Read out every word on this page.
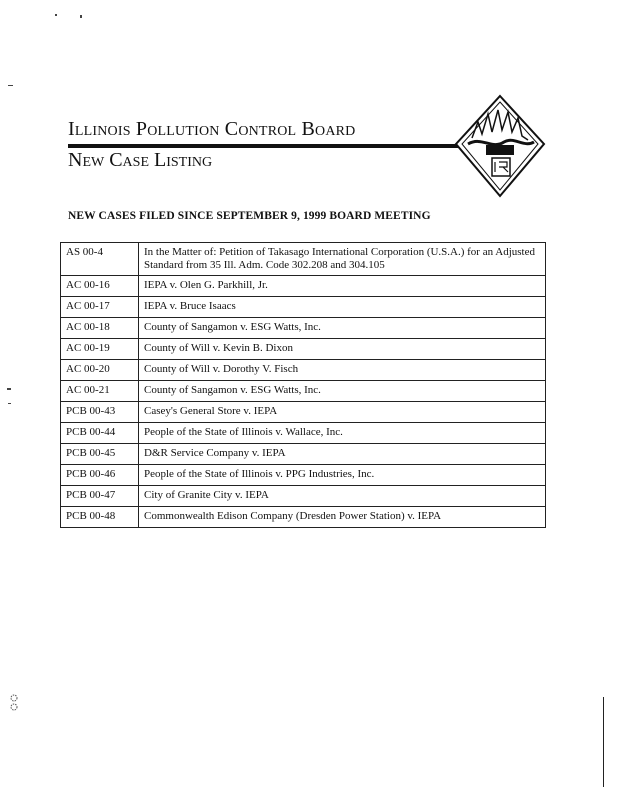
Illinois Pollution Control Board
New Case Listing
NEW CASES FILED SINCE SEPTEMBER 9, 1999 BOARD MEETING
AS 00-4	In the Matter of: Petition of Takasago International Corporation (U.S.A.) for an Adjusted Standard from 35 Ill. Adm. Code 302.208 and 304.105
AC 00-16	IEPA v. Olen G. Parkhill, Jr.
AC 00-17	IEPA v. Bruce Isaacs
AC 00-18	County of Sangamon v. ESG Watts, Inc.
AC 00-19	County of Will v. Kevin B. Dixon
AC 00-20	County of Will v. Dorothy V. Fisch
AC 00-21	County of Sangamon v. ESG Watts, Inc.
PCB 00-43	Casey's General Store v. IEPA
PCB 00-44	People of the State of Illinois v. Wallace, Inc.
PCB 00-45	D&R Service Company v. IEPA
PCB 00-46	People of the State of Illinois v. PPG Industries, Inc.
PCB 00-47	City of Granite City v. IEPA
PCB 00-48	Commonwealth Edison Company (Dresden Power Station) v. IEPA
